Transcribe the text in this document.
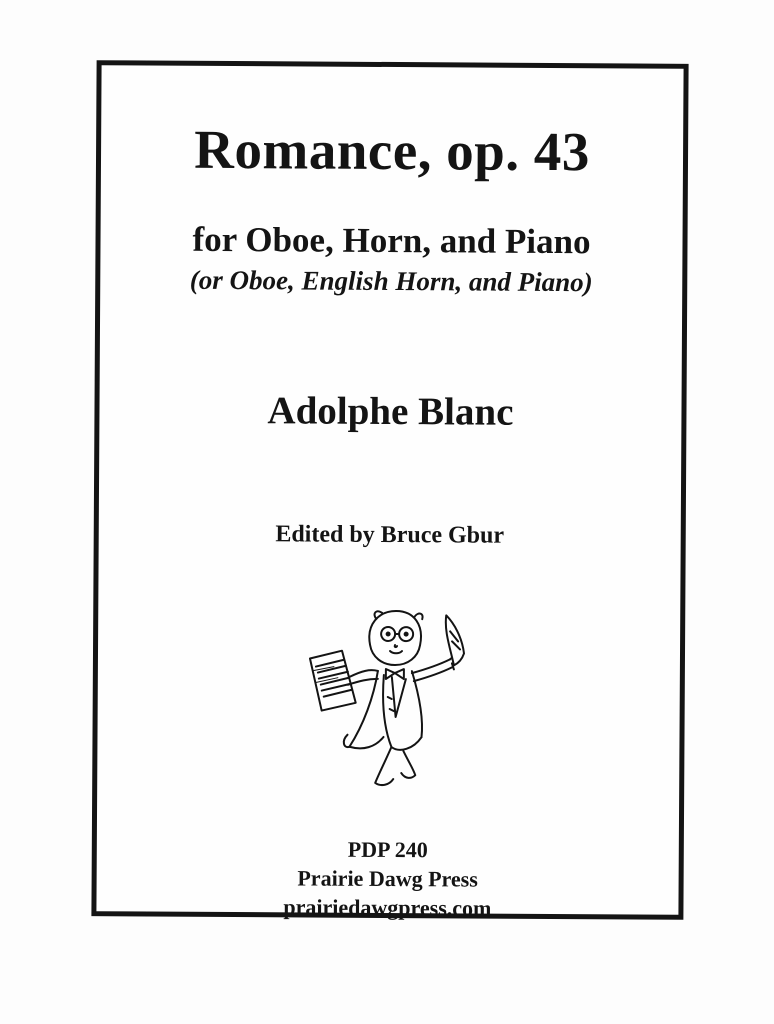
Romance, op. 43
for Oboe, Horn, and Piano
(or Oboe, English Horn, and Piano)
Adolphe Blanc
Edited by Bruce Gbur
PDP 240
Prairie Dawg Press
prairiedawgpress.com
